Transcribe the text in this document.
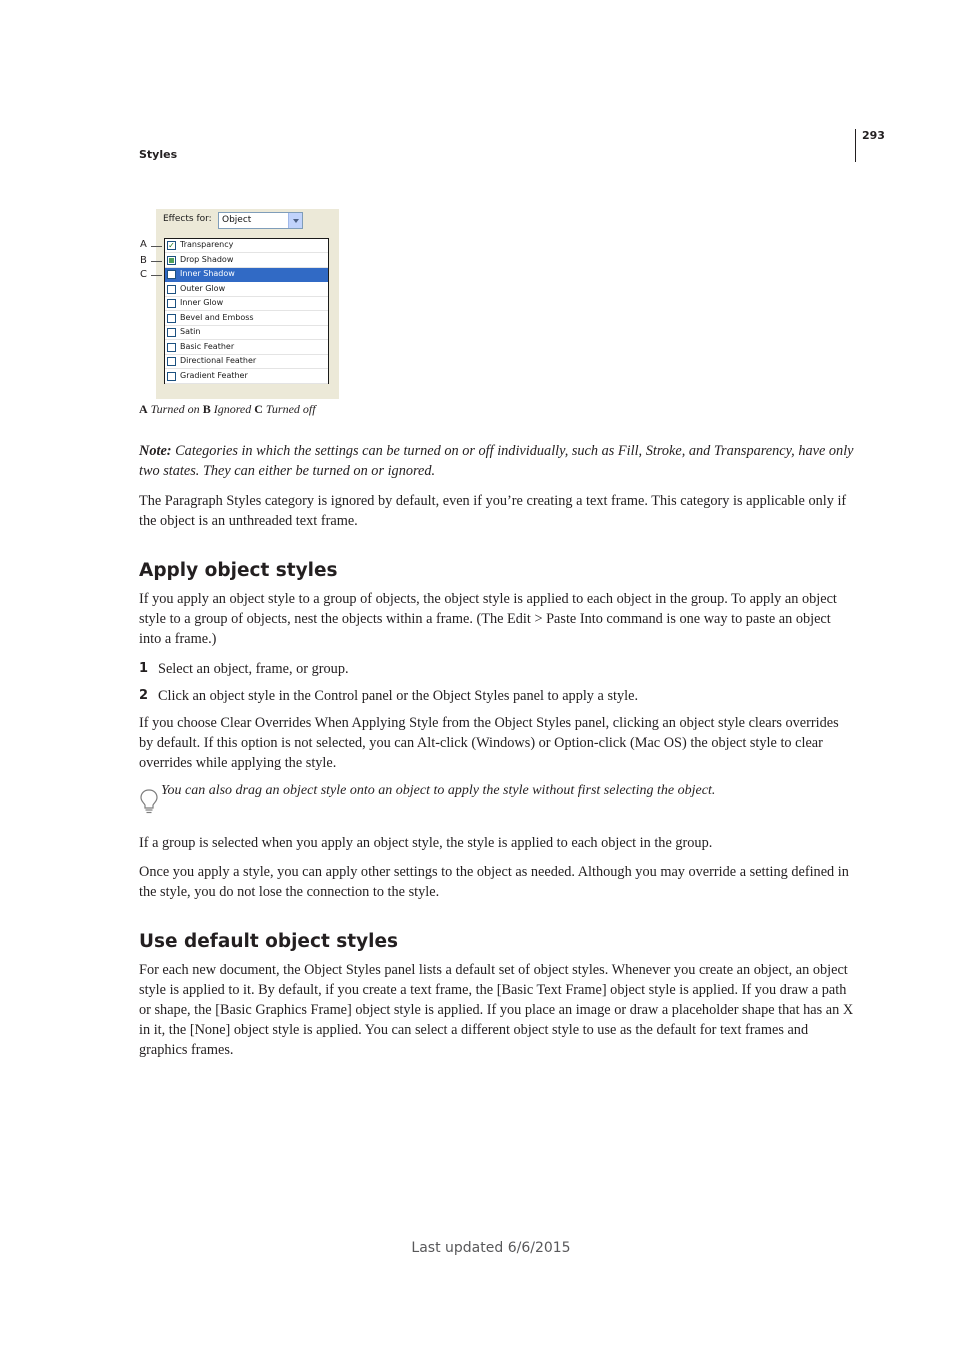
293
Styles
Effects for: Object
✓ Transparency
Drop Shadow
Inner Shadow
Outer Glow
Inner Glow
Bevel and Emboss
Satin
Basic Feather
Directional Feather
Gradient Feather
A
B
C
A Turned on B Ignored C Turned off

Note: Categories in which the settings can be turned on or off individually, such as Fill, Stroke, and Transparency, have only two states. They can either be turned on or ignored.

The Paragraph Styles category is ignored by default, even if you’re creating a text frame. This category is applicable only if the object is an unthreaded text frame.

Apply object styles

If you apply an object style to a group of objects, the object style is applied to each object in the group. To apply an object style to a group of objects, nest the objects within a frame. (The Edit > Paste Into command is one way to paste an object into a frame.)

1 Select an object, frame, or group.
2 Click an object style in the Control panel or the Object Styles panel to apply a style.

If you choose Clear Overrides When Applying Style from the Object Styles panel, clicking an object style clears overrides by default. If this option is not selected, you can Alt-click (Windows) or Option-click (Mac OS) the object style to clear overrides while applying the style.

You can also drag an object style onto an object to apply the style without first selecting the object.

If a group is selected when you apply an object style, the style is applied to each object in the group.

Once you apply a style, you can apply other settings to the object as needed. Although you may override a setting defined in the style, you do not lose the connection to the style.

Use default object styles

For each new document, the Object Styles panel lists a default set of object styles. Whenever you create an object, an object style is applied to it. By default, if you create a text frame, the [Basic Text Frame] object style is applied. If you draw a path or shape, the [Basic Graphics Frame] object style is applied. If you place an image or draw a placeholder shape that has an X in it, the [None] object style is applied. You can select a different object style to use as the default for text frames and graphics frames.

Last updated 6/6/2015
